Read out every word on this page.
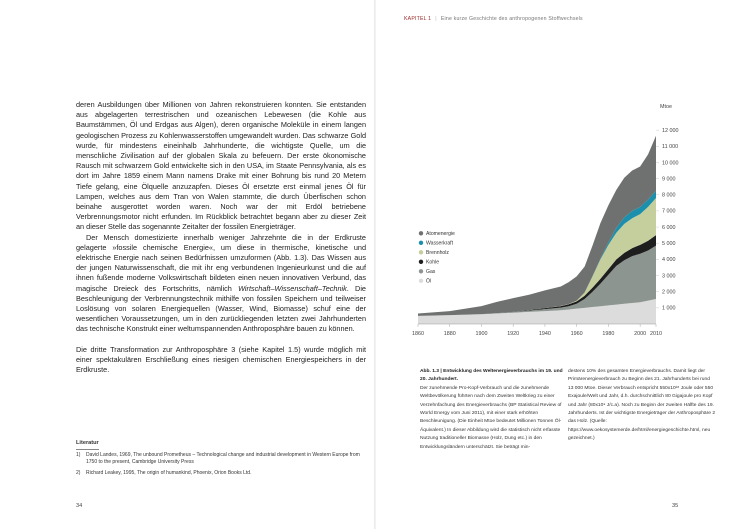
KAPITEL 1 | Eine kurze Geschichte des anthropogenen Stoffwechsels

deren Ausbildungen über Millionen von Jahren rekonstruieren konnten. Sie entstanden aus abgelagerten terrestrischen und ozeanischen Lebewesen (die Kohle aus Baumstämmen, Öl und Erdgas aus Algen), deren organische Moleküle in einem langen geologischen Prozess zu Kohlenwasserstoffen umgewandelt wurden. Das schwarze Gold wurde, für mindestens eineinhalb Jahrhunderte, die wichtigste Quelle, um die menschliche Zivilisation auf der globalen Skala zu befeuern. Der erste ökonomische Rausch mit schwarzem Gold entwickelte sich in den USA, im Staate Pennsylvania, als es dort im Jahre 1859 einem Mann namens Drake mit einer Bohrung bis rund 20 Metern Tiefe gelang, eine Ölquelle anzuzapfen. Dieses Öl ersetzte erst einmal jenes Öl für Lampen, welches aus dem Tran von Walen stammte, die durch Überfischen schon beinahe ausgerottet worden waren. Noch war der mit Erdöl betriebene Verbrennungsmotor nicht erfunden. Im Rückblick betrachtet begann aber zu dieser Zeit an dieser Stelle das sogenannte Zeitalter der fossilen Energieträger.

Der Mensch domestizierte innerhalb weniger Jahrzehnte die in der Erdkruste gelagerte »fossile chemische Energie«, um diese in thermische, kinetische und elektrische Energie nach seinen Bedürfnissen umzuformen (Abb. 1.3). Das Wissen aus der jungen Naturwissenschaft, die mit ihr eng verbundenen Ingenieurkunst und die auf ihnen fußende moderne Volkswirtschaft bildeten einen neuen innovativen Verbund, das magische Dreieck des Fortschritts, nämlich Wirtschaft–Wissenschaft–Technik. Die Beschleunigung der Verbrennungstechnik mithilfe von fossilen Speichern und teilweiser Loslösung von solaren Energiequellen (Wasser, Wind, Biomasse) schuf eine der wesentlichen Voraussetzungen, um in den zurückliegenden letzten zwei Jahrhunderten das technische Konstrukt einer weltumspannenden Anthroposphäre bauen zu können.

Die dritte Transformation zur Anthroposphäre 3 (siehe Kapitel 1.5) wurde möglich mit einer spektakulären Erschließung eines riesigen chemischen Energiespeichers in der Erdkruste.

Literatur
1)	David Landes, 1969, The unbound Prometheus – Technological change and industrial development in Western Europe from 1750 to the present, Cambridge University Press
2)	Richard Leakey, 1995, The origin of humankind, Phoenix, Orion Books Ltd.
34	35
1 000
2 000
3 000
4 000
5 000
6 000
7 000
8 000
9 000
10 000
11 000
12 000
Mtoe
1860	1880	1900	1920	1940	1960	1980	2000 2010
Atomenergie
Wasserkraft
Brennholz
Kohle
Gas
Öl
Abb. 1.3 | Entwicklung des Weltenergieverbrauchs im 19. und 20. Jahrhundert.
Der zunehmende Pro-Kopf-Verbrauch und die zunehmende Weltbevölkerung führten nach dem Zweiten Weltkrieg zu einer Verzehnfachung des Energieverbrauchs (BP Statistical Review of World Energy vom Juni 2011), mit einer stark erhöhten Beschleunigung. (Die Einheit Mtoe bedeutet Millionen Tonnen Öl-Äquivalent.) In dieser Abbildung wird die statistisch nicht erfasste Nutzung traditioneller Biomasse (Holz, Dung etc.) in den Entwicklungsländern unterschätzt. Sie beträgt min-
destens 10% des gesamten Energieverbrauchs. Damit liegt der Primärenergieverbrauch zu Beginn des 21. Jahrhunderts bei rund 13 000 Mtoe. Dieser Verbrauch entspricht 550x10¹⁸ Joule oder 550 Exajoule/Welt und Jahr, d.h. durchschnittlich 80 Gigajoule pro Kopf und Jahr (80x10⁹ J/c.a). Noch zu Beginn der zweiten Hälfte des 19. Jahrhunderts. Ist der wichtigste Energieträger der Anthroposphäre 2 das Holz. (Quelle: https://www.oekosystemerde.de/html/energiegeschichte.html, neu gezeichnet.)
